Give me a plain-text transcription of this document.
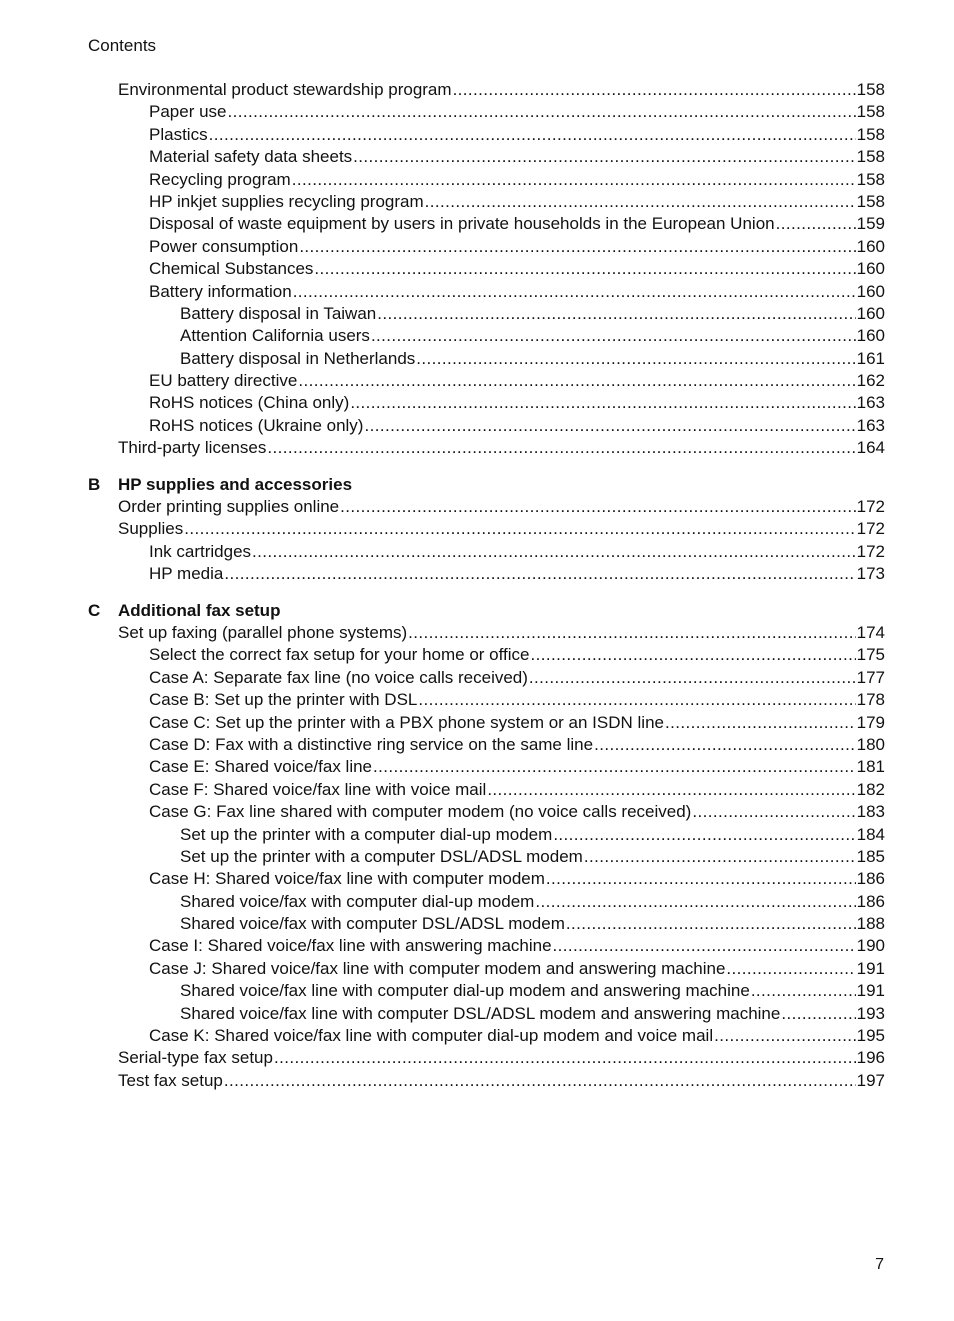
Contents
Environmental product stewardship program .....	158
Paper use .....	158
Plastics .....	158
Material safety data sheets .....	158
Recycling program .....	158
HP inkjet supplies recycling program .....	158
Disposal of waste equipment by users in private households in the European Union .....	159
Power consumption .....	160
Chemical Substances .....	160
Battery information .....	160
Battery disposal in Taiwan .....	160
Attention California users .....	160
Battery disposal in Netherlands .....	161
EU battery directive .....	162
RoHS notices (China only) .....	163
RoHS notices (Ukraine only) .....	163
Third-party licenses .....	164
B	HP supplies and accessories
Order printing supplies online .....	172
Supplies .....	172
Ink cartridges .....	172
HP media .....	173
C	Additional fax setup
Set up faxing (parallel phone systems) .....	174
Select the correct fax setup for your home or office .....	175
Case A: Separate fax line (no voice calls received) .....	177
Case B: Set up the printer with DSL .....	178
Case C: Set up the printer with a PBX phone system or an ISDN line .....	179
Case D: Fax with a distinctive ring service on the same line .....	180
Case E: Shared voice/fax line .....	181
Case F: Shared voice/fax line with voice mail .....	182
Case G: Fax line shared with computer modem (no voice calls received) .....	183
Set up the printer with a computer dial-up modem .....	184
Set up the printer with a computer DSL/ADSL modem .....	185
Case H: Shared voice/fax line with computer modem .....	186
Shared voice/fax with computer dial-up modem .....	186
Shared voice/fax with computer DSL/ADSL modem .....	188
Case I: Shared voice/fax line with answering machine .....	190
Case J: Shared voice/fax line with computer modem and answering machine .....	191
Shared voice/fax line with computer dial-up modem and answering machine .....	191
Shared voice/fax line with computer DSL/ADSL modem and answering machine .....	193
Case K: Shared voice/fax line with computer dial-up modem and voice mail .....	195
Serial-type fax setup .....	196
Test fax setup .....	197
7
